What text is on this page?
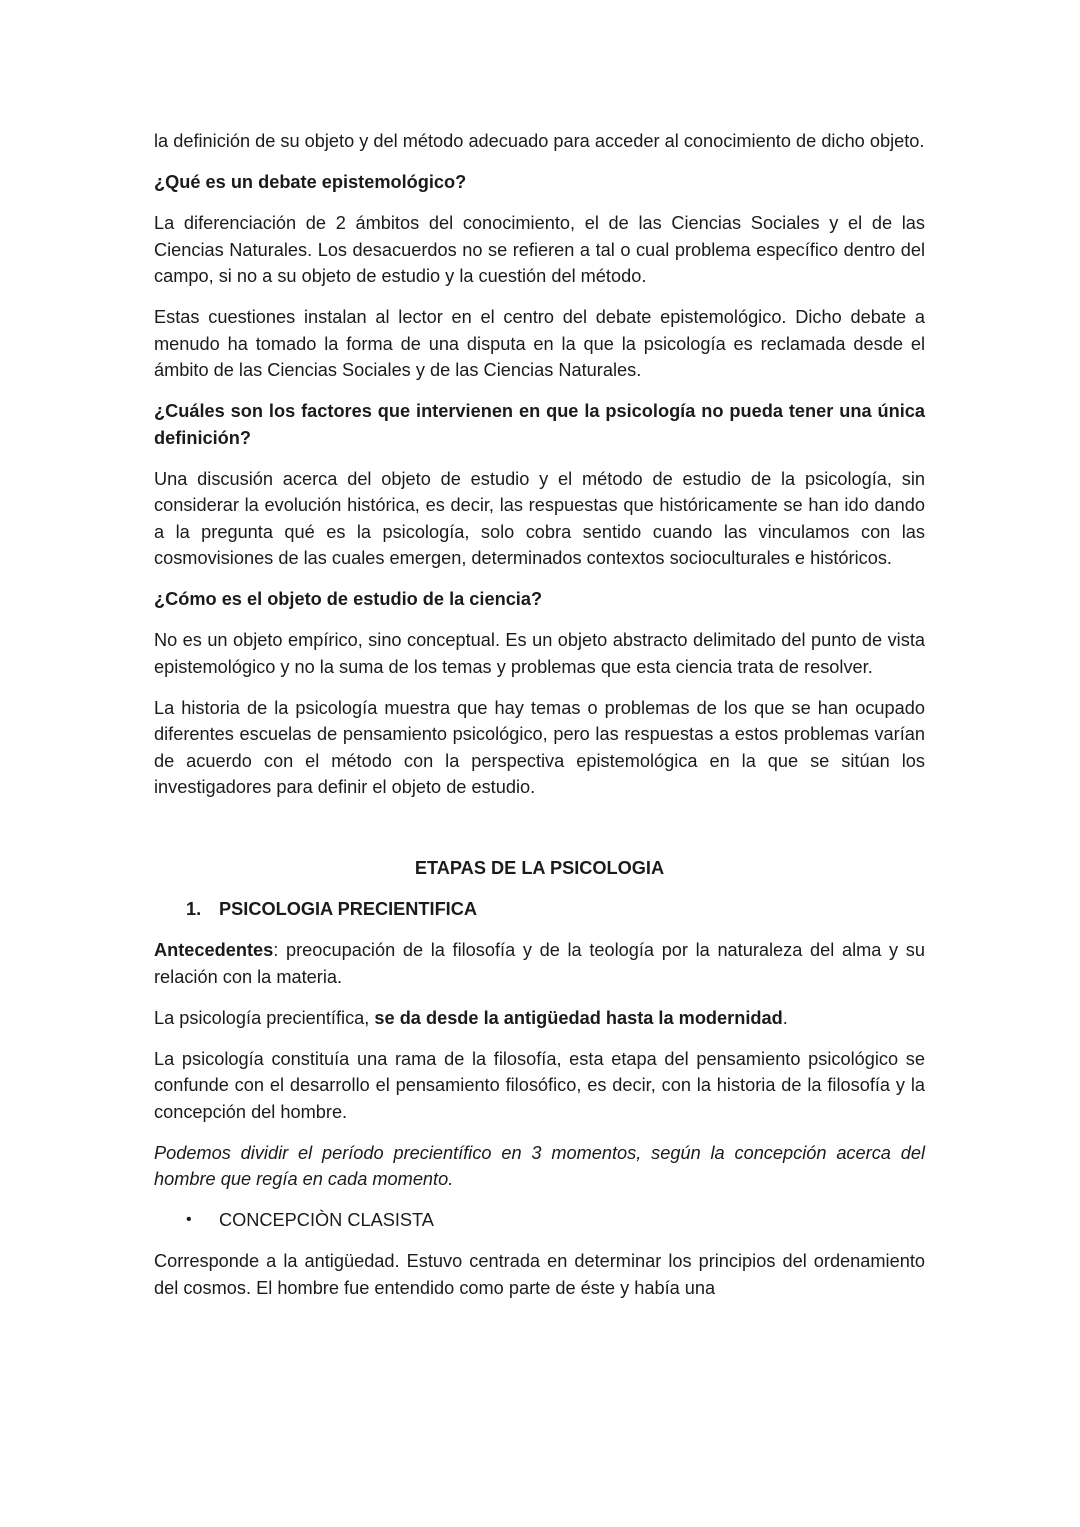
la definición de su objeto y del método adecuado para acceder al conocimiento de dicho objeto.

¿Qué es un debate epistemológico?

La diferenciación de 2 ámbitos del conocimiento, el de las Ciencias Sociales y el de las Ciencias Naturales. Los desacuerdos no se refieren a tal o cual problema específico dentro del campo, si no a su objeto de estudio y la cuestión del método.

Estas cuestiones instalan al lector en el centro del debate epistemológico. Dicho debate a menudo ha tomado la forma de una disputa en la que la psicología es reclamada desde el ámbito de las Ciencias Sociales y de las Ciencias Naturales.

¿Cuáles son los factores que intervienen en que la psicología no pueda tener una única definición?

Una discusión acerca del objeto de estudio y el método de estudio de la psicología, sin considerar la evolución histórica, es decir, las respuestas que históricamente se han ido dando a la pregunta qué es la psicología, solo cobra sentido cuando las vinculamos con las cosmovisiones de las cuales emergen, determinados contextos socioculturales e históricos.

¿Cómo es el objeto de estudio de la ciencia?

No es un objeto empírico, sino conceptual. Es un objeto abstracto delimitado del punto de vista epistemológico y no la suma de los temas y problemas que esta ciencia trata de resolver.

La historia de la psicología muestra que hay temas o problemas de los que se han ocupado diferentes escuelas de pensamiento psicológico, pero las respuestas a estos problemas varían de acuerdo con el método con la perspectiva epistemológica en la que se sitúan los investigadores para definir el objeto de estudio.

ETAPAS DE LA PSICOLOGIA

1. PSICOLOGIA PRECIENTIFICA

Antecedentes: preocupación de la filosofía y de la teología por la naturaleza del alma y su relación con la materia.

La psicología precientífica, se da desde la antigüedad hasta la modernidad.

La psicología constituía una rama de la filosofía, esta etapa del pensamiento psicológico se confunde con el desarrollo el pensamiento filosófico, es decir, con la historia de la filosofía y la concepción del hombre.

Podemos dividir el período precientífico en 3 momentos, según la concepción acerca del hombre que regía en cada momento.

•	CONCEPCIÒN CLASISTA

Corresponde a la antigüedad. Estuvo centrada en determinar los principios del ordenamiento del cosmos. El hombre fue entendido como parte de éste y había una
